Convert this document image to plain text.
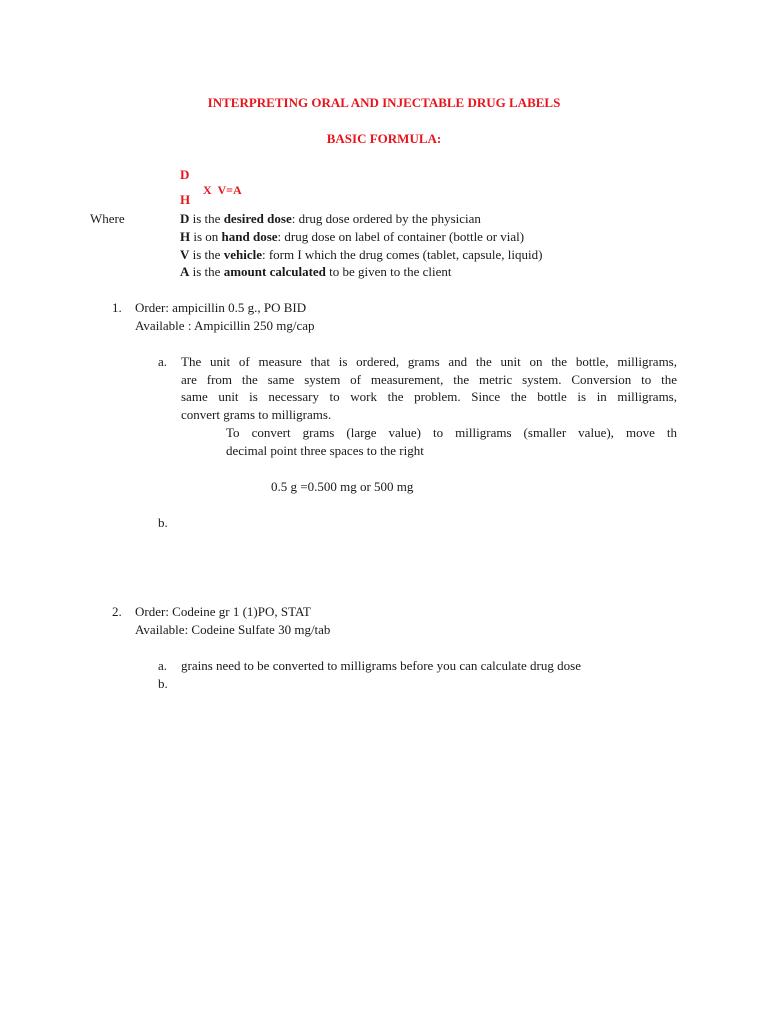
INTERPRETING ORAL AND INJECTABLE DRUG LABELS
BASIC FORMULA:
D
H
X  V=A
Where	D is the desired dose: drug dose ordered by the physician
H is on hand dose: drug dose on label of container (bottle or vial)
V is the vehicle: form I which the drug comes (tablet, capsule, liquid)
A is the amount calculated to be given to the client
1. Order: ampicillin 0.5 g., PO BID
Available : Ampicillin 250 mg/cap
a. The unit of measure that is ordered, grams and the unit on the bottle, milligrams,
are from the same system of measurement, the metric system. Conversion to the
same unit is necessary to work the problem. Since the bottle is in milligrams,
convert grams to milligrams.
To convert grams (large value) to milligrams (smaller value), move th
decimal point three spaces to the right
0.5 g =0.500 mg or 500 mg
b.
2. Order: Codeine gr 1 (1)PO, STAT
Available: Codeine Sulfate 30 mg/tab
a. grains need to be converted to milligrams before you can calculate drug dose
b.
